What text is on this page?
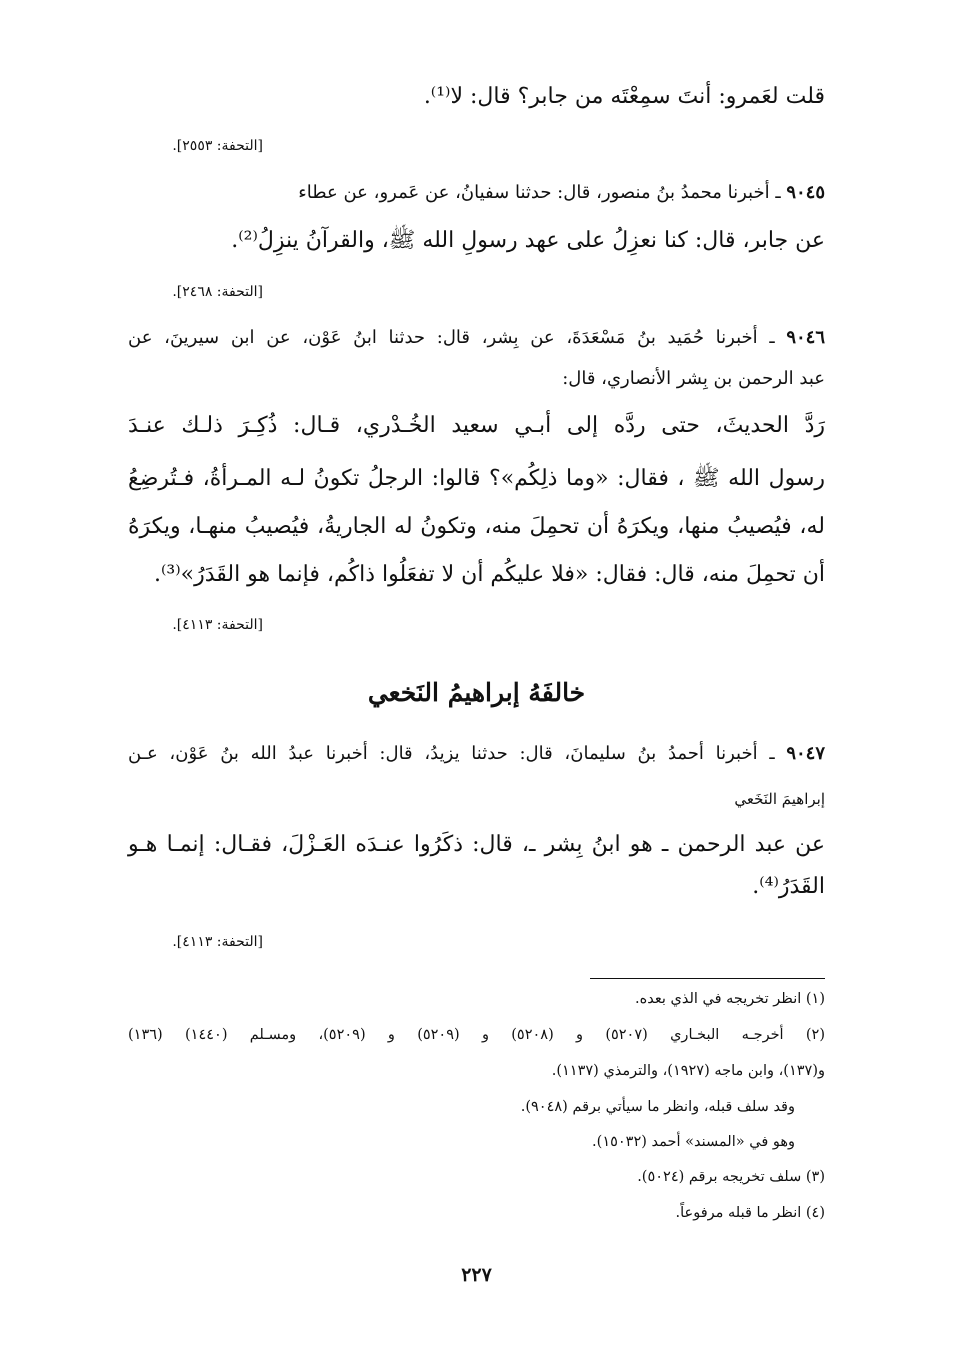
قلت لعَمرو: أنتَ سمِعْتَه من جابر؟ قال: لا⁽¹⁾.
[التحفة: ٢٥٥٣].
٩٠٤٥ ـ أخبرنا محمدُ بنُ منصور، قال: حدثنا سفيانُ، عن عَمرو، عن عطاء
عن جابر، قال: كنا نعزِلُ على عهد رسولِ الله ﷺ، والقرآنُ ينزِلُ⁽²⁾.
[التحفة: ٢٤٦٨].
٩٠٤٦ ـ أخبرنا حُمَيد بنُ مَسْعَدَةَ، عن بِشر، قال: حدثنا ابنُ عَوْن، عن ابن سيرينَ، عن
عبد الرحمن بن بِشر الأنصاري، قال:
رَدَّ الحديثَ، حتى ردَّه إلى أبـي سعيد الخُـدْري، قـال: ذُكِـرَ ذلـك عنـدَ
رسول الله ﷺ ، فقال: «وما ذلِكُم»؟ قالوا: الرجلُ تكونُ لـه المـرأةُ، فـتُرضِعُ
له، فيُصيبُ منها، ويكرَهُ أن تحمِلَ منه، وتكونُ له الجاريةُ، فيُصيبُ منهـا، ويكرَهُ
أن تحمِلَ منه، قال: فقال: «فلا عليكُم أن لا تفعَلُوا ذاكُم، فإنما هو القَدَرُ»⁽³⁾.
[التحفة: ٤١١٣].
خالفَهُ إبراهيمُ النَخعي
٩٠٤٧ ـ أخبرنا أحمدُ بنُ سليمانَ، قال: حدثنا يزيدُ، قال: أخبرنا عبدُ الله بنُ عَوْن، عـن
إبراهيمَ النَخَعي
عن عبد الرحمن ـ هو ابنُ بِشر ـ، قال: ذكَرُوا عنـدَه العَـزْلَ، فقـال: إنمـا هـو
القَدَرُ⁽⁴⁾.
[التحفة: ٤١١٣].
(١) انظر تخريجه في الذي بعده.
(٢) أخرجـه البخـاري (٥٢٠٧) و (٥٢٠٨) و (٥٢٠٩) و (٥٢٠٩)، ومسـلم (١٤٤٠) (١٣٦)
و(١٣٧)، وابن ماجه (١٩٢٧)، والترمذي (١١٣٧).
وقد سلف قبله، وانظر ما سيأتي برقم (٩٠٤٨).
وهو في «المسند» أحمد (١٥٠٣٢).
(٣) سلف تخريجه برقم (٥٠٢٤).
(٤) انظر ما قبله مرفوعاً.
٢٢٧
